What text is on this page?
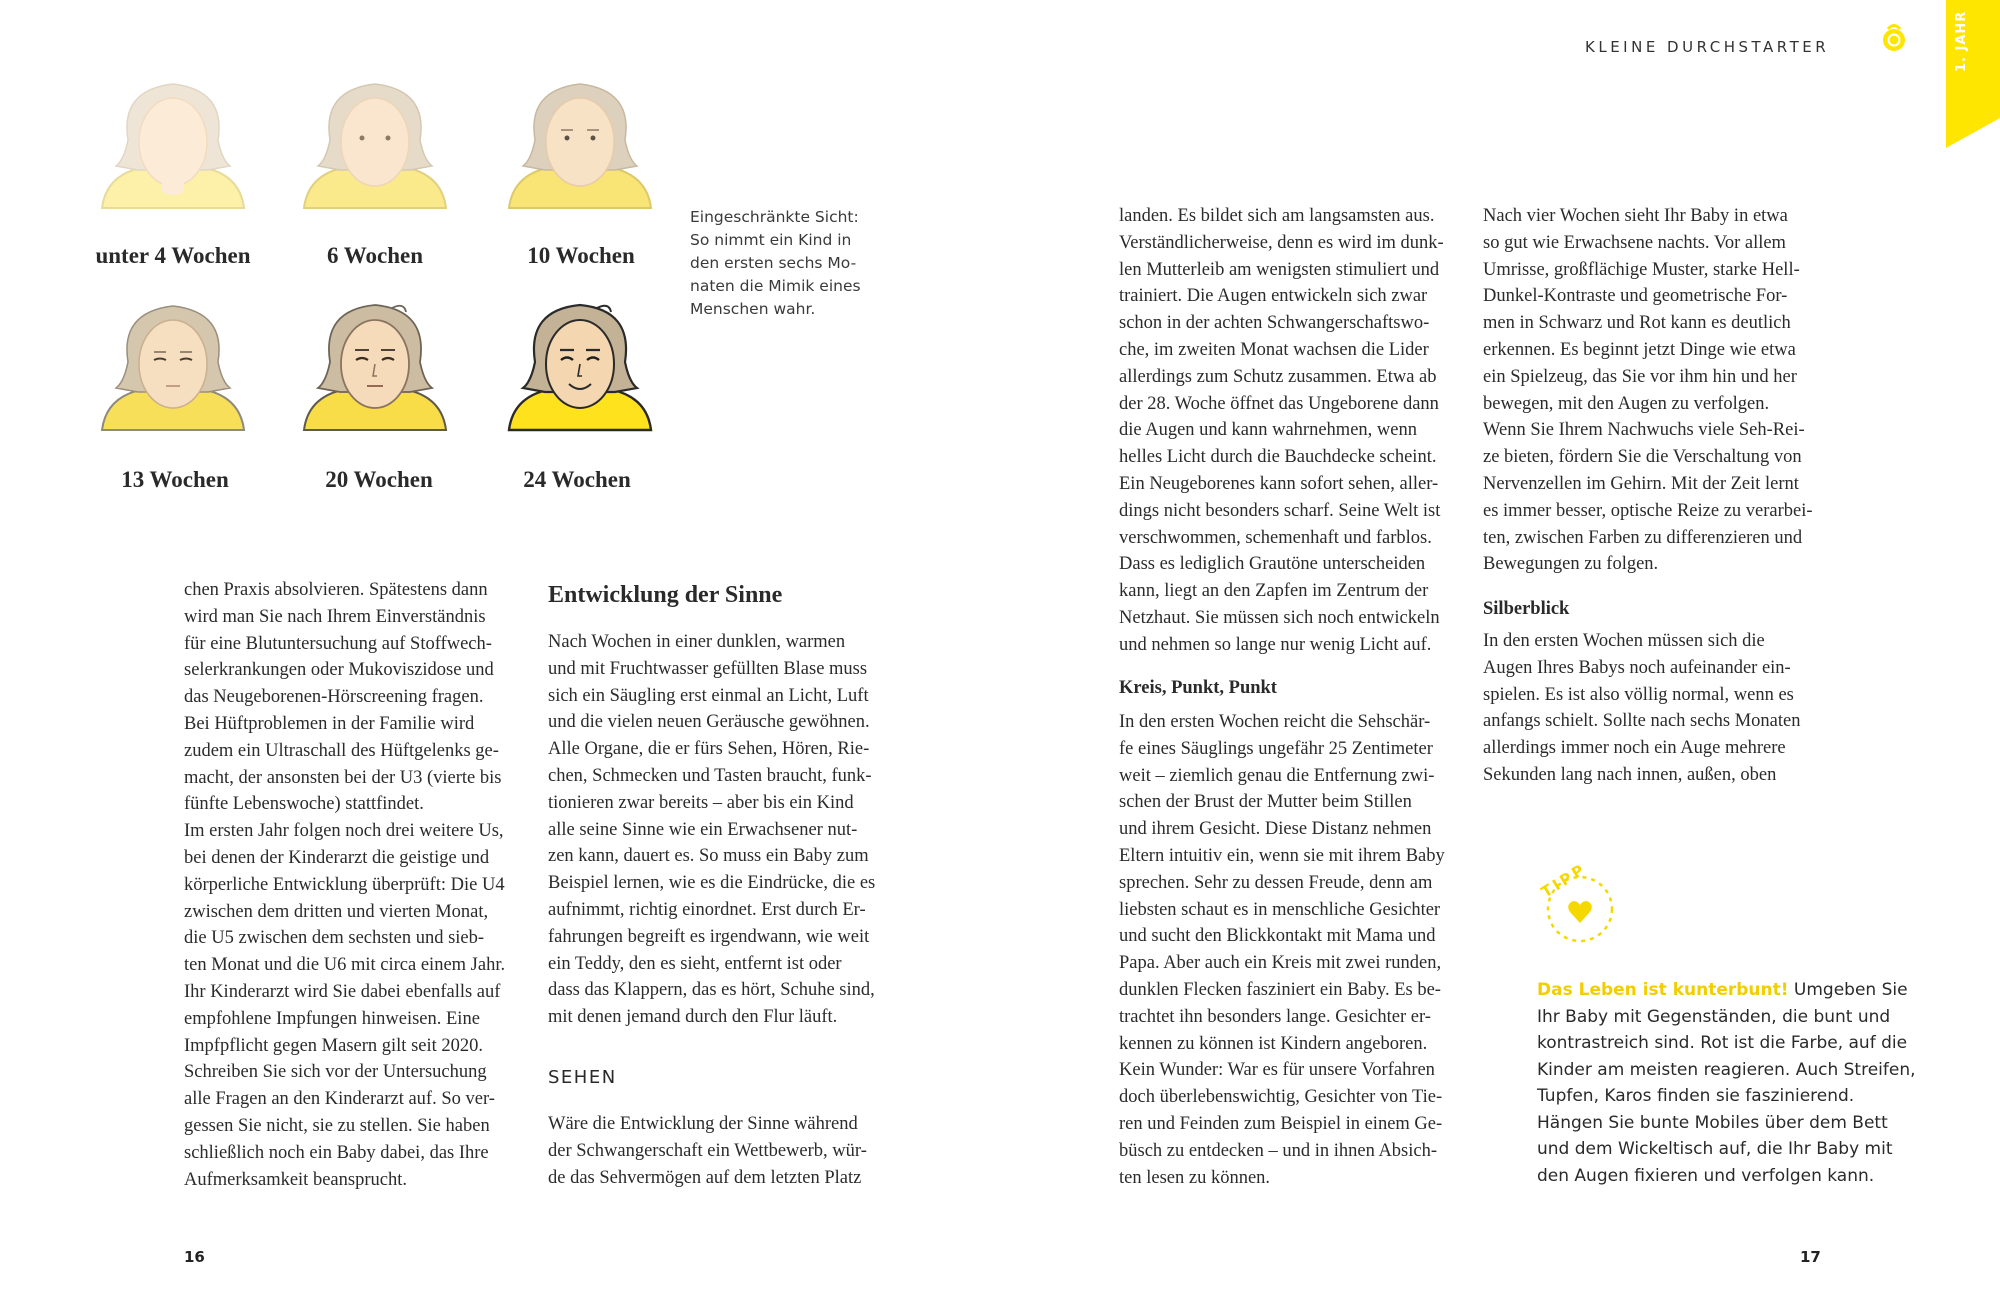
KLEINE DURCHSTARTER	1. JAHR
unter 4 Wochen	6 Wochen	10 Wochen
13 Wochen	20 Wochen	24 Wochen
Eingeschränkte Sicht:
So nimmt ein Kind in
den ersten sechs Mo-
naten die Mimik eines
Menschen wahr.
chen Praxis absolvieren. Spätestens dann
wird man Sie nach Ihrem Einverständnis
für eine Blutuntersuchung auf Stoffwech-
selerkrankungen oder Mukoviszidose und
das Neugeborenen-Hörscreening fragen.
Bei Hüftproblemen in der Familie wird
zudem ein Ultraschall des Hüftgelenks ge-
macht, der ansonsten bei der U3 (vierte bis
fünfte Lebenswoche) stattfindet.
Im ersten Jahr folgen noch drei weitere Us,
bei denen der Kinderarzt die geistige und
körperliche Entwicklung überprüft: Die U4
zwischen dem dritten und vierten Monat,
die U5 zwischen dem sechsten und sieb-
ten Monat und die U6 mit circa einem Jahr.
Ihr Kinderarzt wird Sie dabei ebenfalls auf
empfohlene Impfungen hinweisen. Eine
Impfpflicht gegen Masern gilt seit 2020.
Schreiben Sie sich vor der Untersuchung
alle Fragen an den Kinderarzt auf. So ver-
gessen Sie nicht, sie zu stellen. Sie haben
schließlich noch ein Baby dabei, das Ihre
Aufmerksamkeit beansprucht.
Entwicklung der Sinne
Nach Wochen in einer dunklen, warmen
und mit Fruchtwasser gefüllten Blase muss
sich ein Säugling erst einmal an Licht, Luft
und die vielen neuen Geräusche gewöhnen.
Alle Organe, die er fürs Sehen, Hören, Rie-
chen, Schmecken und Tasten braucht, funk-
tionieren zwar bereits – aber bis ein Kind
alle seine Sinne wie ein Erwachsener nut-
zen kann, dauert es. So muss ein Baby zum
Beispiel lernen, wie es die Eindrücke, die es
aufnimmt, richtig einordnet. Erst durch Er-
fahrungen begreift es irgendwann, wie weit
ein Teddy, den es sieht, entfernt ist oder
dass das Klappern, das es hört, Schuhe sind,
mit denen jemand durch den Flur läuft.
SEHEN
Wäre die Entwicklung der Sinne während
der Schwangerschaft ein Wettbewerb, wür-
de das Sehvermögen auf dem letzten Platz
16
landen. Es bildet sich am langsamsten aus.
Verständlicherweise, denn es wird im dunk-
len Mutterleib am wenigsten stimuliert und
trainiert. Die Augen entwickeln sich zwar
schon in der achten Schwangerschaftswo-
che, im zweiten Monat wachsen die Lider
allerdings zum Schutz zusammen. Etwa ab
der 28. Woche öffnet das Ungeborene dann
die Augen und kann wahrnehmen, wenn
helles Licht durch die Bauchdecke scheint.
Ein Neugeborenes kann sofort sehen, aller-
dings nicht besonders scharf. Seine Welt ist
verschwommen, schemenhaft und farblos.
Dass es lediglich Grautöne unterscheiden
kann, liegt an den Zapfen im Zentrum der
Netzhaut. Sie müssen sich noch entwickeln
und nehmen so lange nur wenig Licht auf.
Kreis, Punkt, Punkt
In den ersten Wochen reicht die Sehschär-
fe eines Säuglings ungefähr 25 Zentimeter
weit – ziemlich genau die Entfernung zwi-
schen der Brust der Mutter beim Stillen
und ihrem Gesicht. Diese Distanz nehmen
Eltern intuitiv ein, wenn sie mit ihrem Baby
sprechen. Sehr zu dessen Freude, denn am
liebsten schaut es in menschliche Gesichter
und sucht den Blickkontakt mit Mama und
Papa. Aber auch ein Kreis mit zwei runden,
dunklen Flecken fasziniert ein Baby. Es be-
trachtet ihn besonders lange. Gesichter er-
kennen zu können ist Kindern angeboren.
Kein Wunder: War es für unsere Vorfahren
doch überlebenswichtig, Gesichter von Tie-
ren und Feinden zum Beispiel in einem Ge-
büsch zu entdecken – und in ihnen Absich-
ten lesen zu können.
Nach vier Wochen sieht Ihr Baby in etwa
so gut wie Erwachsene nachts. Vor allem
Umrisse, großflächige Muster, starke Hell-
Dunkel-Kontraste und geometrische For-
men in Schwarz und Rot kann es deutlich
erkennen. Es beginnt jetzt Dinge wie etwa
ein Spielzeug, das Sie vor ihm hin und her
bewegen, mit den Augen zu verfolgen.
Wenn Sie Ihrem Nachwuchs viele Seh-Rei-
ze bieten, fördern Sie die Verschaltung von
Nervenzellen im Gehirn. Mit der Zeit lernt
es immer besser, optische Reize zu verarbei-
ten, zwischen Farben zu differenzieren und
Bewegungen zu folgen.
Silberblick
In den ersten Wochen müssen sich die
Augen Ihres Babys noch aufeinander ein-
spielen. Es ist also völlig normal, wenn es
anfangs schielt. Sollte nach sechs Monaten
allerdings immer noch ein Auge mehrere
Sekunden lang nach innen, außen, oben
TIPP
Das Leben ist kunterbunt! Umgeben Sie
Ihr Baby mit Gegenständen, die bunt und
kontrastreich sind. Rot ist die Farbe, auf die
Kinder am meisten reagieren. Auch Streifen,
Tupfen, Karos finden sie faszinierend.
Hängen Sie bunte Mobiles über dem Bett
und dem Wickeltisch auf, die Ihr Baby mit
den Augen fixieren und verfolgen kann.
17
